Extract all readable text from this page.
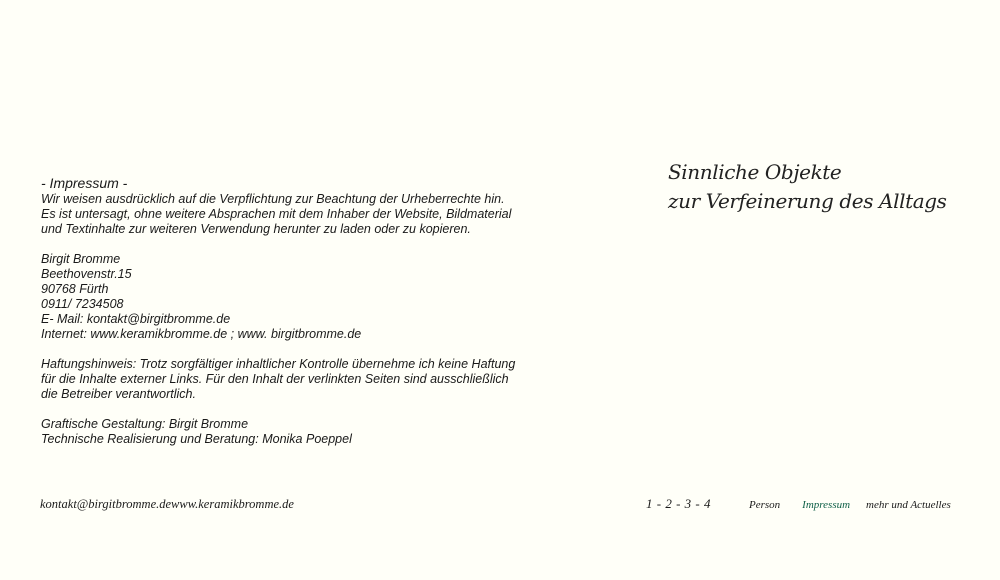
- Impressum -

Wir weisen ausdrücklich auf die Verpflichtung zur Beachtung der Urheberrechte hin.

Es ist untersagt, ohne weitere Absprachen mit dem Inhaber der Website, Bildmaterial

und Textinhalte zur weiteren Verwendung herunter zu laden oder zu kopieren.

Birgit Bromme

Beethovenstr.15

90768 Fürth

0911/ 7234508

E- Mail: kontakt@birgitbromme.de

Internet: www.keramikbromme.de ; www. birgitbromme.de

Haftungshinweis: Trotz sorgfältiger inhaltlicher Kontrolle übernehme ich keine Haftung

für die Inhalte externer Links. Für den Inhalt der verlinkten Seiten sind ausschließlich

die Betreiber verantwortlich.

Graftische Gestaltung: Birgit Bromme

Technische Realisierung und Beratung: Monika Poeppel

Sinnliche Objekte
zur Verfeinerung des Alltags
kontakt@birgitbromme.dewww.keramikbromme.de	1 - 2 - 3 - 4	Person Impressum mehr und Actuelles
